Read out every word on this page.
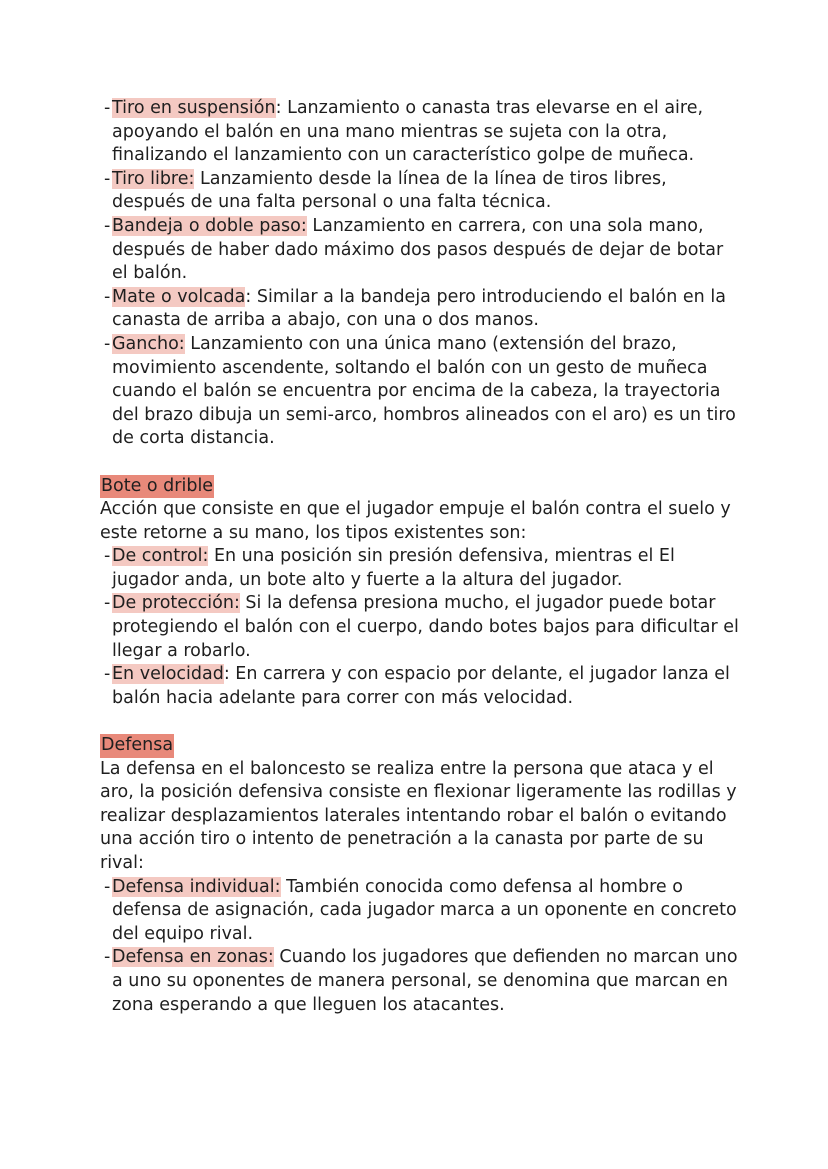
- Tiro en suspensión: Lanzamiento o canasta tras elevarse en el aire, apoyando el balón en una mano mientras se sujeta con la otra, finalizando el lanzamiento con un característico golpe de muñeca.
- Tiro libre: Lanzamiento desde la línea de la línea de tiros libres, después de una falta personal o una falta técnica.
- Bandeja o doble paso: Lanzamiento en carrera, con una sola mano, después de haber dado máximo dos pasos después de dejar de botar el balón.
- Mate o volcada: Similar a la bandeja pero introduciendo el balón en la canasta de arriba a abajo, con una o dos manos.
- Gancho: Lanzamiento con una única mano (extensión del brazo, movimiento ascendente, soltando el balón con un gesto de muñeca cuando el balón se encuentra por encima de la cabeza, la trayectoria del brazo dibuja un semi-arco, hombros alineados con el aro) es un tiro de corta distancia.
Bote o drible

Acción que consiste en que el jugador empuje el balón contra el suelo y este retorne a su mano, los tipos existentes son:

- De control: En una posición sin presión defensiva, mientras el El jugador anda, un bote alto y fuerte a la altura del jugador.
- De protección: Si la defensa presiona mucho, el jugador puede botar protegiendo el balón con el cuerpo, dando botes bajos para dificultar el llegar a robarlo.
- En velocidad: En carrera y con espacio por delante, el jugador lanza el balón hacia adelante para correr con más velocidad.
Defensa

La defensa en el baloncesto se realiza entre la persona que ataca y el aro, la posición defensiva consiste en flexionar ligeramente las rodillas y realizar desplazamientos laterales intentando robar el balón o evitando una acción tiro o intento de penetración a la canasta por parte de su rival:

- Defensa individual: También conocida como defensa al hombre o defensa de asignación, cada jugador marca a un oponente en concreto del equipo rival.
- Defensa en zonas: Cuando los jugadores que defienden no marcan uno a uno su oponentes de manera personal, se denomina que marcan en zona esperando a que lleguen los atacantes.
